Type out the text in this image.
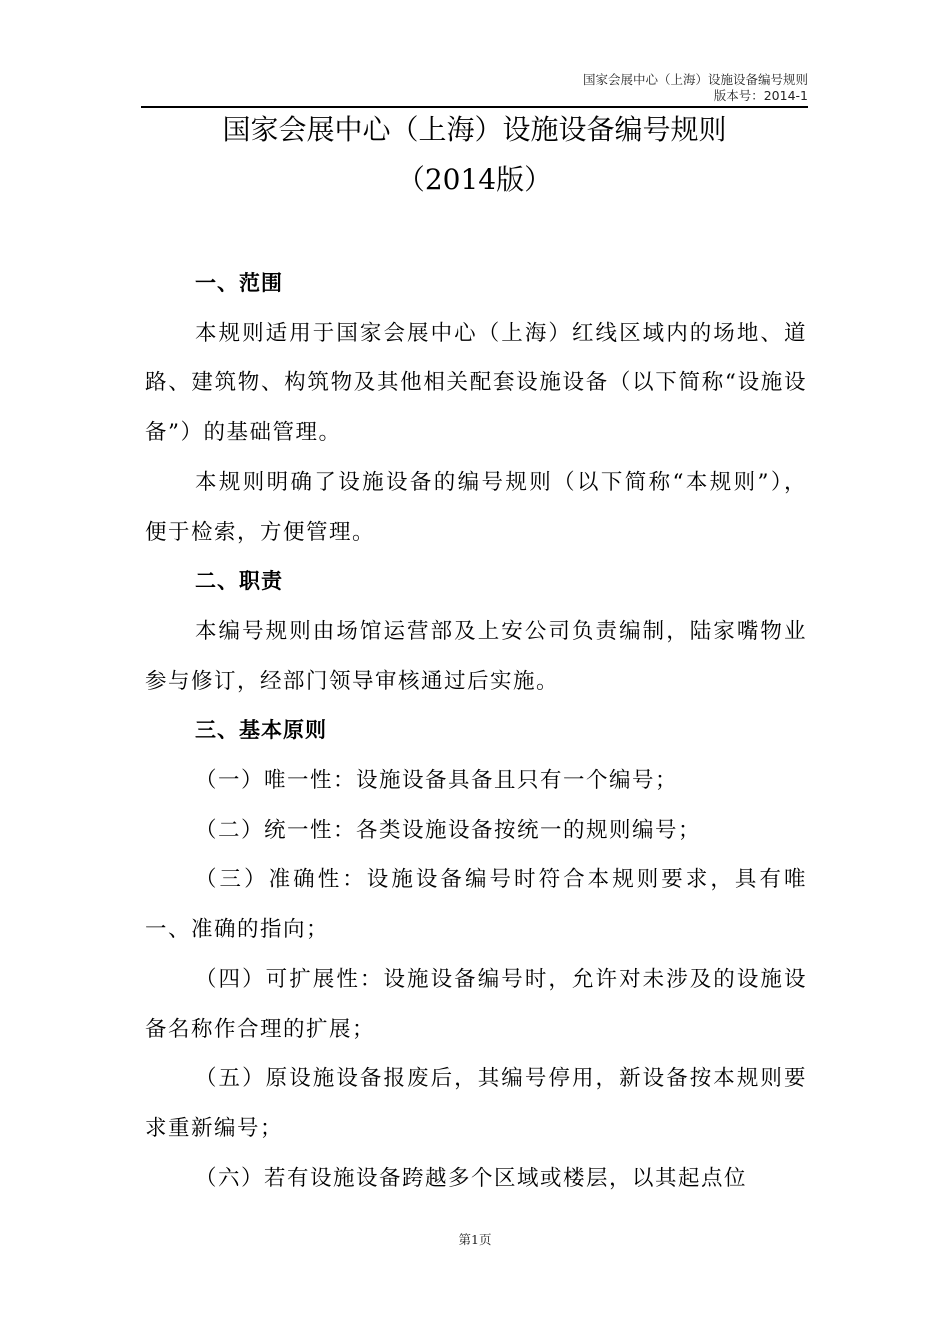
国家会展中心（上海）设施设备编号规则
版本号：2014-1
国家会展中心（上海）设施设备编号规则
（2014版）
一、范围

本规则适用于国家会展中心（上海）红线区域内的场地、道路、建筑物、构筑物及其他相关配套设施设备（以下简称“设施设备”）的基础管理。

本规则明确了设施设备的编号规则（以下简称“本规则”），便于检索，方便管理。

二、职责

本编号规则由场馆运营部及上安公司负责编制，陆家嘴物业参与修订，经部门领导审核通过后实施。

三、基本原则

（一）唯一性：设施设备具备且只有一个编号；

（二）统一性：各类设施设备按统一的规则编号；

（三）准确性：设施设备编号时符合本规则要求，具有唯一、准确的指向；

（四）可扩展性：设施设备编号时，允许对未涉及的设施设备名称作合理的扩展；

（五）原设施设备报废后，其编号停用，新设备按本规则要求重新编号；

（六）若有设施设备跨越多个区域或楼层，以其起点位

第1页
